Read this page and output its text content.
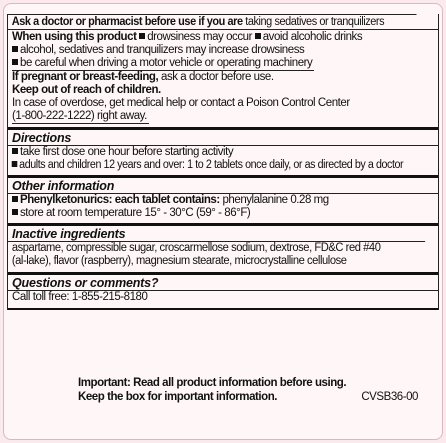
Ask a doctor or pharmacist before use if you are taking sedatives or tranquilizers
When using this product drowsiness may occur avoid alcoholic drinks
alcohol, sedatives and tranquilizers may increase drowsiness
be careful when driving a motor vehicle or operating machinery
If pregnant or breast-feeding, ask a doctor before use.
Keep out of reach of children.
In case of overdose, get medical help or contact a Poison Control Center
(1-800-222-1222) right away.
Directions
take first dose one hour before starting activity
adults and children 12 years and over: 1 to 2 tablets once daily, or as directed by a doctor
Other information
Phenylketonurics: each tablet contains: phenylalanine 0.28 mg
store at room temperature 15° - 30°C (59° - 86°F)
Inactive ingredients
aspartame, compressible sugar, croscarmellose sodium, dextrose, FD&C red #40
(al-lake), flavor (raspberry), magnesium stearate, microcrystalline cellulose
Questions or comments?
Call toll free: 1-855-215-8180
Important: Read all product information before using.
Keep the box for important information.	CVSB36-00
